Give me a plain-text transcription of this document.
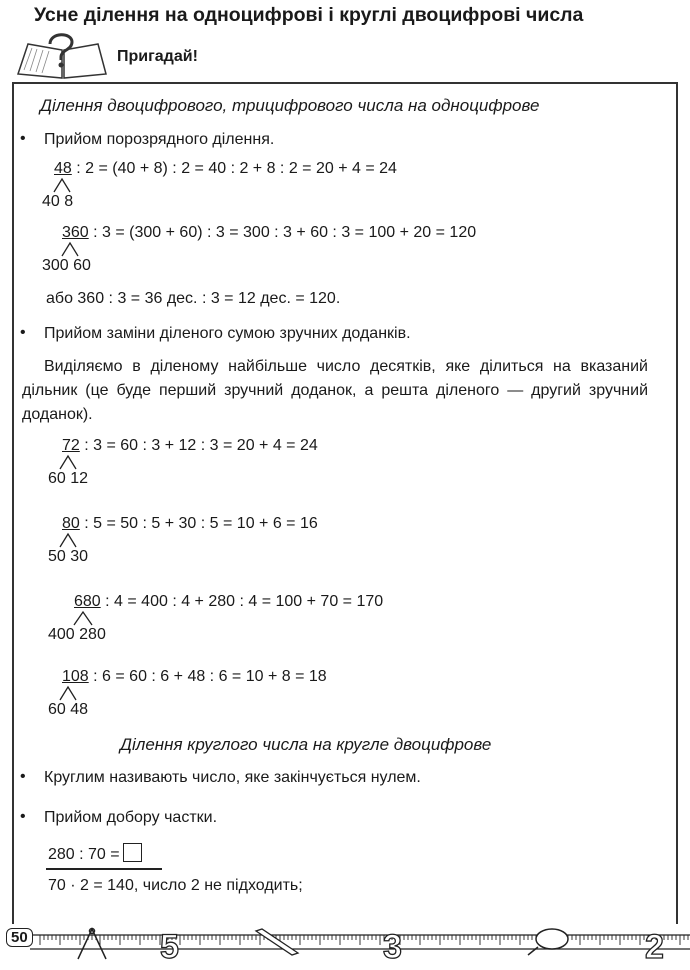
Усне ділення на одноцифрові і круглі двоцифрові числа
Пригадай!
Ділення двоцифрового, трицифрового числа на одноцифрове
• Прийом порозрядного ділення.
48 : 2 = (40 + 8) : 2 = 40 : 2 + 8 : 2 = 20 + 4 = 24
40 8
360 : 3 = (300 + 60) : 3 = 300 : 3 + 60 : 3 = 100 + 20 = 120
300 60
або 360 : 3 = 36 дес. : 3 = 12 дес. = 120.
• Прийом заміни діленого сумою зручних доданків.
Виділяємо в діленому найбільше число десятків, яке ділиться на вказаний дільник (це буде перший зручний доданок, а решта діленого — другий зручний доданок).
72 : 3 = 60 : 3 + 12 : 3 = 20 + 4 = 24
60 12
80 : 5 = 50 : 5 + 30 : 5 = 10 + 6 = 16
50 30
680 : 4 = 400 : 4 + 280 : 4 = 100 + 70 = 170
400 280
108 : 6 = 60 : 6 + 48 : 6 = 10 + 8 = 18
60 48
Ділення круглого числа на кругле двоцифрове
• Круглим називають число, яке закінчується нулем.
• Прийом добору частки.
280 : 70 =
70 · 2 = 140, число 2 не підходить;
5	3	2
50
